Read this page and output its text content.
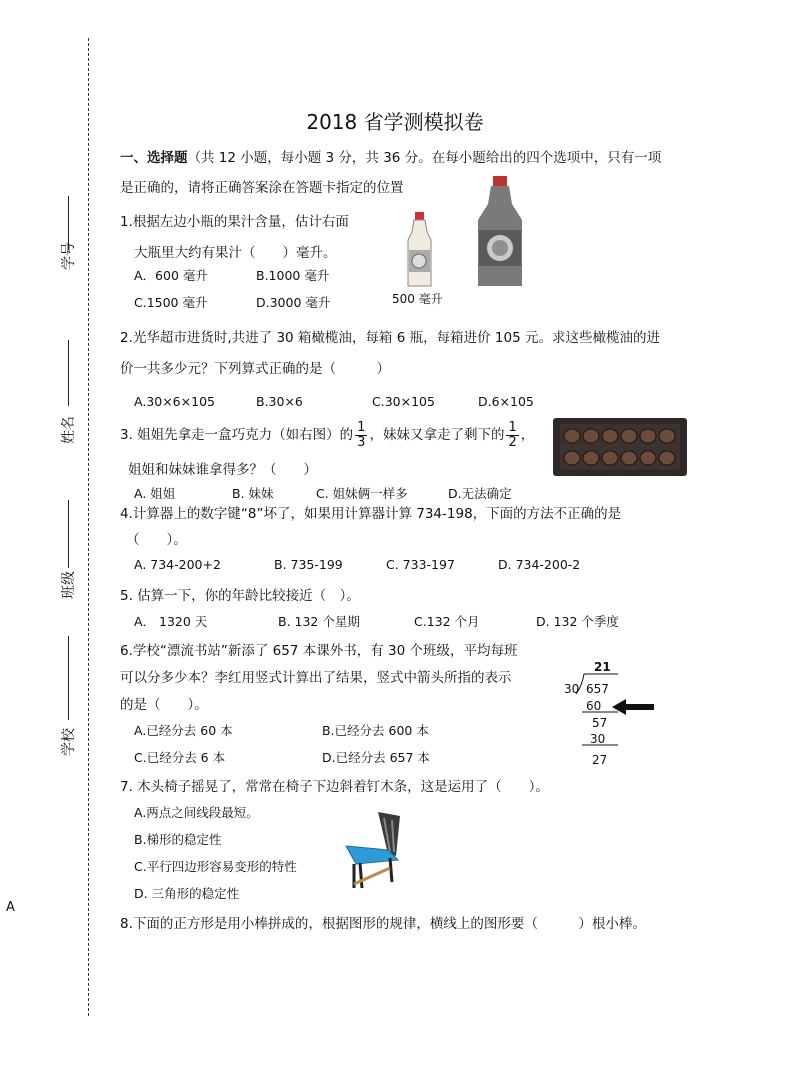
学号
姓名
班级
学校
A
2018 省学测模拟卷
一、选择题（共 12 小题，每小题 3 分，共 36 分。在每小题给出的四个选项中，只有一项
是正确的，请将正确答案涂在答题卡指定的位置
1.根据左边小瓶的果汁含量，估计右面
大瓶里大约有果汁（　　）毫升。
A．600 毫升	B.1000 毫升
C.1500 毫升	D.3000 毫升	500 毫升
2.光华超市进货时,共进了 30 箱橄榄油，每箱 6 瓶，每箱进价 105 元。求这些橄榄油的进
价一共多少元？下列算式正确的是（　　　）
A.30×6×105	B.30×6	C.30×105	D.6×105
3. 姐姐先拿走一盒巧克力（如右图）的 $\frac{1}{3}$ ，妹妹又拿走了剩下的 $\frac{1}{2}$ ，
姐姐和妹妹谁拿得多？（　　）
A. 姐姐	B. 妹妹	C. 姐妹俩一样多	D.无法确定
4.计算器上的数字键“8”坏了，如果用计算器计算 734-198，下面的方法不正确的是
（　　）。
A. 734-200+2	B. 735-199	C. 733-197	D. 734-200-2
5. 估算一下，你的年龄比较接近（　）。
A． 1320 天	B. 132 个星期	C.132 个月	D. 132 个季度
6.学校“漂流书站”新添了 657 本课外书，有 30 个班级，平均每班
可以分多少本？李红用竖式计算出了结果，竖式中箭头所指的表示
的是（　　）。
A.已经分去 60 本	B.已经分去 600 本
C.已经分去 6 本	D.已经分去 657 本
21
30 657
60
57
30
27
7. 木头椅子摇晃了，常常在椅子下边斜着钉木条，这是运用了（　　）。
A.两点之间线段最短。
B.梯形的稳定性
C.平行四边形容易变形的特性
D. 三角形的稳定性
8.下面的正方形是用小棒拼成的，根据图形的规律，横线上的图形要（　　　）根小棒。
